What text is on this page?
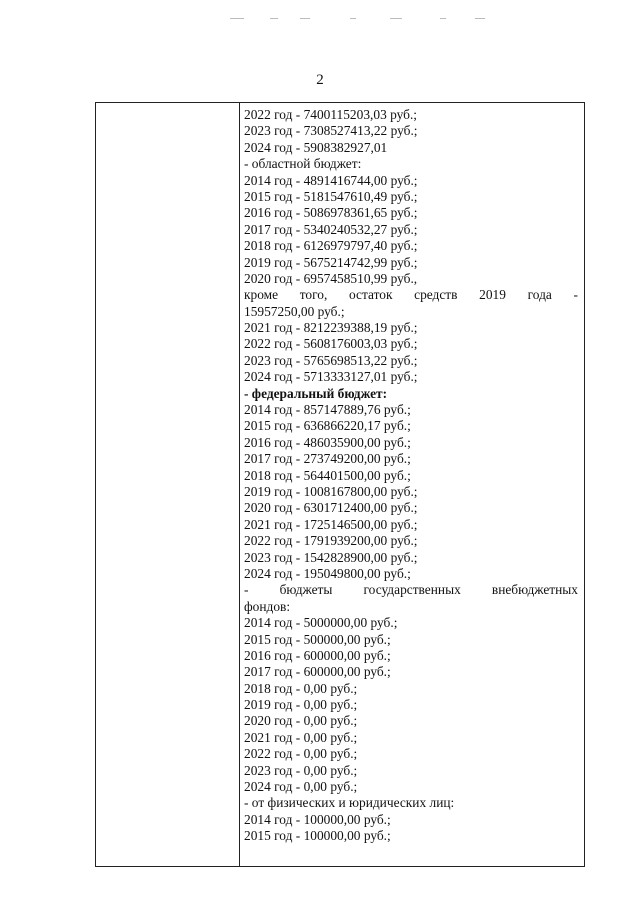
2
2022 год - 7400115203,03 руб.;
2023 год - 7308527413,22 руб.;
2024 год - 5908382927,01
- областной бюджет:
2014 год - 4891416744,00 руб.;
2015 год - 5181547610,49 руб.;
2016 год - 5086978361,65 руб.;
2017 год - 5340240532,27 руб.;
2018 год - 6126979797,40 руб.;
2019 год - 5675214742,99 руб.;
2020 год - 6957458510,99 руб.,
кроме того, остаток средств 2019 года -
15957250,00 руб.;
2021 год - 8212239388,19 руб.;
2022 год - 5608176003,03 руб.;
2023 год - 5765698513,22 руб.;
2024 год - 5713333127,01 руб.;
- федеральный бюджет:
2014 год - 857147889,76 руб.;
2015 год - 636866220,17 руб.;
2016 год - 486035900,00 руб.;
2017 год - 273749200,00 руб.;
2018 год - 564401500,00 руб.;
2019 год - 1008167800,00 руб.;
2020 год - 6301712400,00 руб.;
2021 год - 1725146500,00 руб.;
2022 год - 1791939200,00 руб.;
2023 год - 1542828900,00 руб.;
2024 год - 195049800,00 руб.;
- бюджеты государственных внебюджетных
фондов:
2014 год - 5000000,00 руб.;
2015 год - 500000,00 руб.;
2016 год - 600000,00 руб.;
2017 год - 600000,00 руб.;
2018 год - 0,00 руб.;
2019 год - 0,00 руб.;
2020 год - 0,00 руб.;
2021 год - 0,00 руб.;
2022 год - 0,00 руб.;
2023 год - 0,00 руб.;
2024 год - 0,00 руб.;
- от физических и юридических лиц:
2014 год - 100000,00 руб.;
2015 год - 100000,00 руб.;
